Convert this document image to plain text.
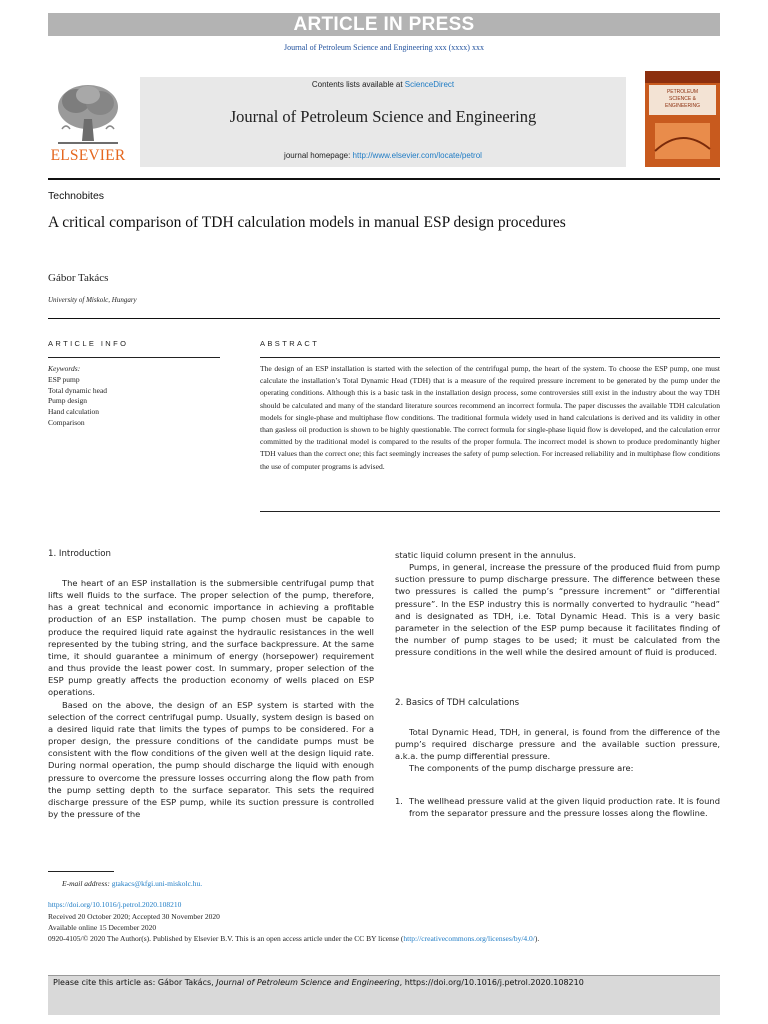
ARTICLE IN PRESS
Journal of Petroleum Science and Engineering xxx (xxxx) xxx
ELSEVIER
Contents lists available at ScienceDirect
Journal of Petroleum Science and Engineering
journal homepage: http://www.elsevier.com/locate/petrol
PETROLEUM
SCIENCE &
ENGINEERING
Technobites
A critical comparison of TDH calculation models in manual ESP design procedures
Gábor Takács
University of Miskolc, Hungary
ARTICLE INFO	ABSTRACT
Keywords:
ESP pump
Total dynamic head
Pump design
Hand calculation
Comparison
The design of an ESP installation is started with the selection of the centrifugal pump, the heart of the system. To choose the ESP pump, one must calculate the installation’s Total Dynamic Head (TDH) that is a measure of the required pressure increment to be generated by the pump under the operating conditions. Although this is a basic task in the installation design process, some controversies still exist in the industry about the way TDH should be calculated and many of the standard literature sources recommend an incorrect formula. The paper discusses the available TDH calculation models for single-phase and multiphase flow conditions. The traditional formula widely used in hand calculations is derived and its validity in other than gasless oil production is shown to be highly questionable. The correct formula for single-phase liquid flow is developed, and the calculation error committed by the traditional model is compared to the results of the proper formula. The incorrect model is shown to produce predominantly higher TDH values than the correct one; this fact seemingly increases the safety of pump selection. For increased reliability and in multiphase flow conditions the use of computer programs is advised.
1. Introduction

The heart of an ESP installation is the submersible centrifugal pump that lifts well fluids to the surface. The proper selection of the pump, therefore, has a great technical and economic importance in achieving a profitable production of an ESP installation. The pump chosen must be capable to produce the required liquid rate against the hydraulic resistances in the well represented by the tubing string, and the surface backpressure. At the same time, it should guarantee a minimum of energy (horsepower) requirement and thus provide the least power cost. In summary, proper selection of the ESP pump greatly affects the production economy of wells placed on ESP operations.

Based on the above, the design of an ESP system is started with the selection of the correct centrifugal pump. Usually, system design is based on a desired liquid rate that limits the types of pumps to be considered. For a proper design, the pressure conditions of the candidate pumps must be consistent with the flow conditions of the given well at the design liquid rate. During normal operation, the pump should discharge the liquid with enough pressure to overcome the pressure losses occurring along the flow path from the pump setting depth to the surface separator. This sets the required discharge pressure of the ESP pump, while its suction pressure is controlled by the pressure of the

static liquid column present in the annulus.

Pumps, in general, increase the pressure of the produced fluid from pump suction pressure to pump discharge pressure. The difference between these two pressures is called the pump’s “pressure increment” or “differential pressure”. In the ESP industry this is normally converted to hydraulic “head” and is designated as TDH, i.e. Total Dynamic Head. This is a very basic parameter in the selection of the ESP pump because it facilitates finding of the number of pump stages to be used; it must be calculated from the pressure conditions in the well while the desired amount of fluid is produced.

2. Basics of TDH calculations

Total Dynamic Head, TDH, in general, is found from the difference of the pump’s required discharge pressure and the available suction pressure, a.k.a. the pump differential pressure.

The components of the pump discharge pressure are:

1. The wellhead pressure valid at the given liquid production rate. It is found from the separator pressure and the pressure losses along the flowline.
E-mail address: gtakacs@kfgi.uni-miskolc.hu.
https://doi.org/10.1016/j.petrol.2020.108210
Received 20 October 2020; Accepted 30 November 2020
Available online 15 December 2020
0920-4105/© 2020 The Author(s). Published by Elsevier B.V. This is an open access article under the CC BY license (http://creativecommons.org/licenses/by/4.0/).
Please cite this article as: Gábor Takács, Journal of Petroleum Science and Engineering, https://doi.org/10.1016/j.petrol.2020.108210
